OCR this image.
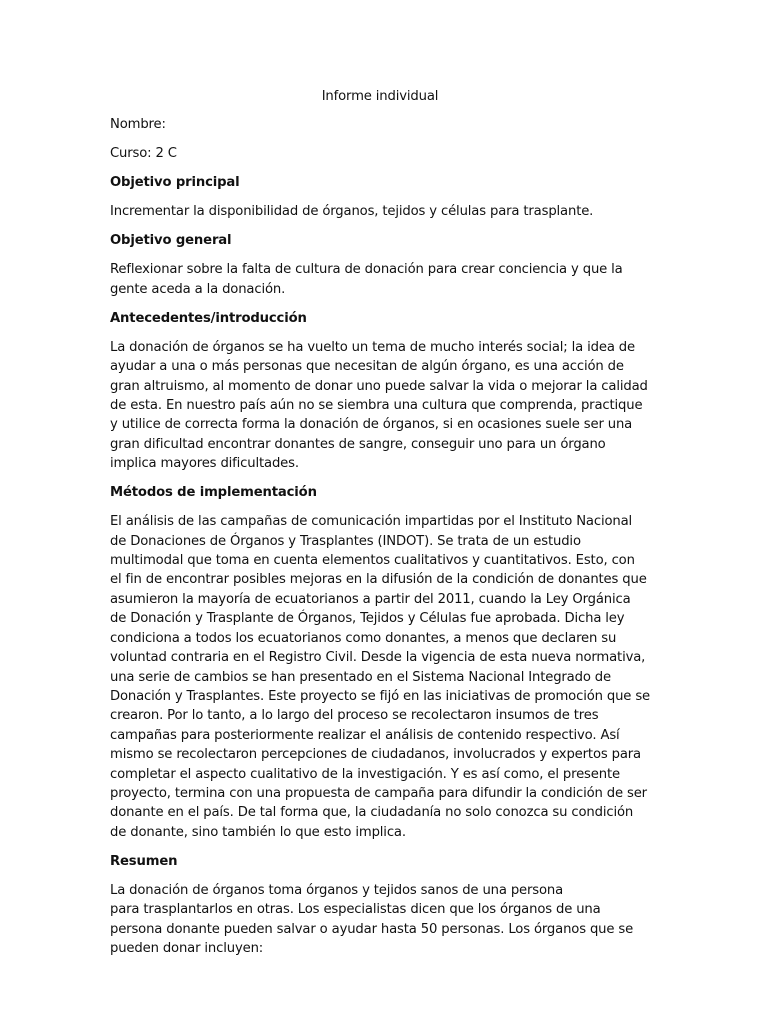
Informe individual
Nombre:
Curso: 2 C
Objetivo principal
Incrementar la disponibilidad de órganos, tejidos y células para trasplante.
Objetivo general
Reflexionar sobre la falta de cultura de donación para crear conciencia y que la gente aceda a la donación.
Antecedentes/introducción
La donación de órganos se ha vuelto un tema de mucho interés social; la idea de ayudar a una o más personas que necesitan de algún órgano, es una acción de gran altruismo, al momento de donar uno puede salvar la vida o mejorar la calidad de esta. En nuestro país aún no se siembra una cultura que comprenda, practique y utilice de correcta forma la donación de órganos, si en ocasiones suele ser una gran dificultad encontrar donantes de sangre, conseguir uno para un órgano implica mayores dificultades.
Métodos de implementación
El análisis de las campañas de comunicación impartidas por el Instituto Nacional de Donaciones de Órganos y Trasplantes (INDOT). Se trata de un estudio multimodal que toma en cuenta elementos cualitativos y cuantitativos. Esto, con el fin de encontrar posibles mejoras en la difusión de la condición de donantes que asumieron la mayoría de ecuatorianos a partir del 2011, cuando la Ley Orgánica de Donación y Trasplante de Órganos, Tejidos y Células fue aprobada. Dicha ley condiciona a todos los ecuatorianos como donantes, a menos que declaren su voluntad contraria en el Registro Civil. Desde la vigencia de esta nueva normativa, una serie de cambios se han presentado en el Sistema Nacional Integrado de Donación y Trasplantes. Este proyecto se fijó en las iniciativas de promoción que se crearon. Por lo tanto, a lo largo del proceso se recolectaron insumos de tres campañas para posteriormente realizar el análisis de contenido respectivo. Así mismo se recolectaron percepciones de ciudadanos, involucrados y expertos para completar el aspecto cualitativo de la investigación. Y es así como, el presente proyecto, termina con una propuesta de campaña para difundir la condición de ser donante en el país. De tal forma que, la ciudadanía no solo conozca su condición de donante, sino también lo que esto implica.
Resumen
La donación de órganos toma órganos y tejidos sanos de una persona
para trasplantarlos en otras. Los especialistas dicen que los órganos de una persona donante pueden salvar o ayudar hasta 50 personas. Los órganos que se pueden donar incluyen:
